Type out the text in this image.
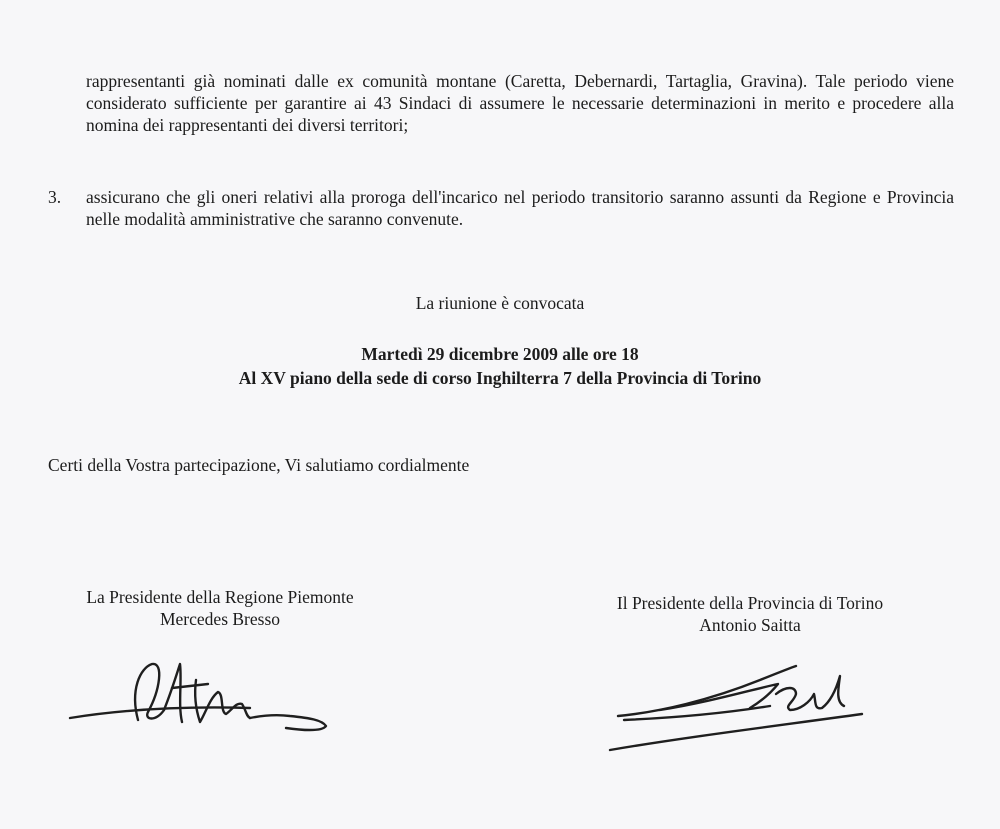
rappresentanti già nominati dalle ex comunità montane (Caretta, Debernardi, Tartaglia, Gravina). Tale periodo viene considerato sufficiente per garantire ai 43 Sindaci di assumere le necessarie determinazioni in merito e procedere alla nomina dei rappresentanti dei diversi territori;

3. assicurano che gli oneri relativi alla proroga dell'incarico nel periodo transitorio saranno assunti da Regione e Provincia nelle modalità amministrative che saranno convenute.
La riunione è convocata
Martedì 29 dicembre 2009 alle ore 18
Al XV piano della sede di corso Inghilterra 7 della Provincia di Torino
Certi della Vostra partecipazione, Vi salutiamo cordialmente
La Presidente della Regione Piemonte
Mercedes Bresso
Il Presidente della Provincia di Torino
Antonio Saitta
